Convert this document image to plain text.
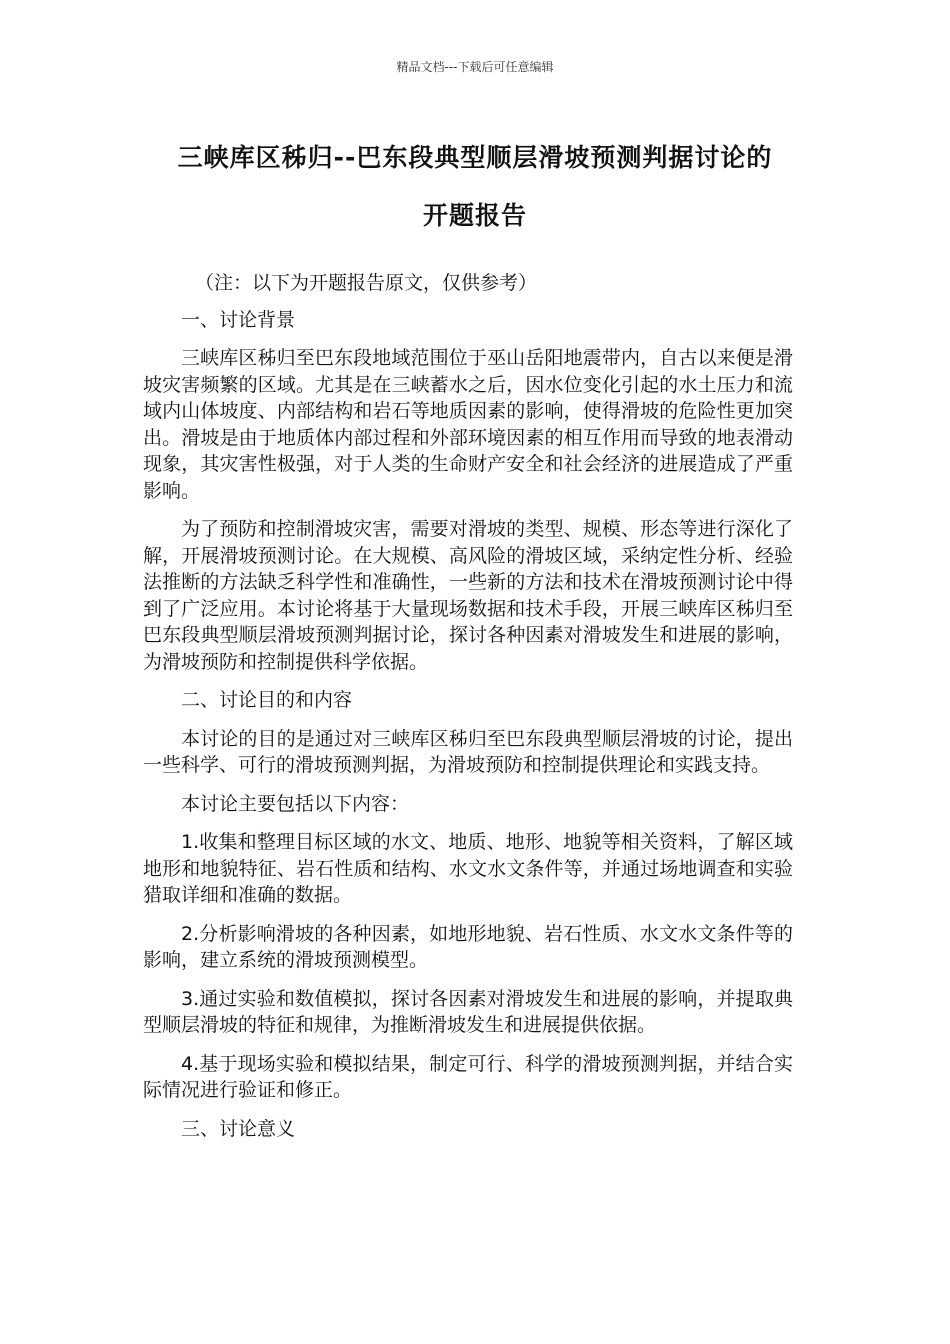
精品文档---下载后可任意编辑
三峡库区秭归--巴东段典型顺层滑坡预测判据讨论的
开题报告

（注：以下为开题报告原文，仅供参考）

一、讨论背景

三峡库区秭归至巴东段地域范围位于巫山岳阳地震带内，自古以来便是滑坡灾害频繁的区域。尤其是在三峡蓄水之后，因水位变化引起的水土压力和流域内山体坡度、内部结构和岩石等地质因素的影响，使得滑坡的危险性更加突出。滑坡是由于地质体内部过程和外部环境因素的相互作用而导致的地表滑动现象，其灾害性极强，对于人类的生命财产安全和社会经济的进展造成了严重影响。

为了预防和控制滑坡灾害，需要对滑坡的类型、规模、形态等进行深化了解，开展滑坡预测讨论。在大规模、高风险的滑坡区域，采纳定性分析、经验法推断的方法缺乏科学性和准确性，一些新的方法和技术在滑坡预测讨论中得到了广泛应用。本讨论将基于大量现场数据和技术手段，开展三峡库区秭归至巴东段典型顺层滑坡预测判据讨论，探讨各种因素对滑坡发生和进展的影响，为滑坡预防和控制提供科学依据。

二、讨论目的和内容

本讨论的目的是通过对三峡库区秭归至巴东段典型顺层滑坡的讨论，提出一些科学、可行的滑坡预测判据，为滑坡预防和控制提供理论和实践支持。

本讨论主要包括以下内容：

1.收集和整理目标区域的水文、地质、地形、地貌等相关资料，了解区域地形和地貌特征、岩石性质和结构、水文水文条件等，并通过场地调查和实验猎取详细和准确的数据。

2.分析影响滑坡的各种因素，如地形地貌、岩石性质、水文水文条件等的影响，建立系统的滑坡预测模型。

3.通过实验和数值模拟，探讨各因素对滑坡发生和进展的影响，并提取典型顺层滑坡的特征和规律，为推断滑坡发生和进展提供依据。

4.基于现场实验和模拟结果，制定可行、科学的滑坡预测判据，并结合实际情况进行验证和修正。

三、讨论意义
